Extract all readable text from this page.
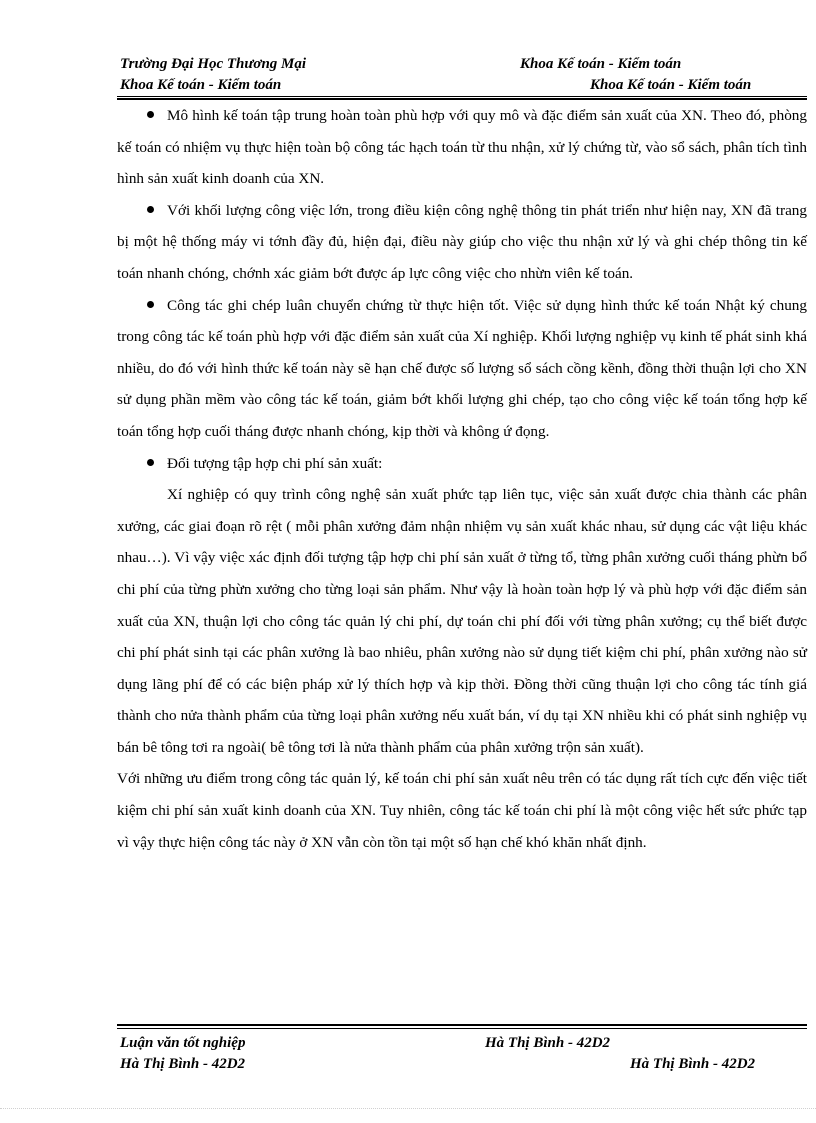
Trường Đại Học Thương Mại	Khoa Kế toán - Kiểm toán
Khoa Kế toán - Kiểm toán	Khoa Kế toán - Kiểm toán

Mô hình kế toán tập trung hoàn toàn phù hợp với quy mô và đặc điểm sản xuất của XN. Theo đó, phòng kế toán có nhiệm vụ thực hiện toàn bộ công tác hạch toán từ thu nhận, xử lý chứng từ, vào sổ sách, phân tích tình hình sản xuất kinh doanh của XN.

Với khối lượng công việc lớn, trong điều kiện công nghệ thông tin phát triển như hiện nay, XN đã trang bị một hệ thống máy vi tớnh đầy đủ, hiện đại, điều này giúp cho việc thu nhận xử lý và ghi chép thông tin kế toán nhanh chóng, chớnh xác giảm bớt được áp lực công việc cho nhừn viên kế toán.

Công tác ghi chép luân chuyển chứng từ thực hiện tốt. Việc sử dụng hình thức kế toán Nhật ký chung trong công tác kế toán phù hợp với đặc điểm sản xuất của Xí nghiệp. Khối lượng nghiệp vụ kinh tế phát sinh khá nhiều, do đó với hình thức kế toán này sẽ hạn chế được số lượng sổ sách cồng kềnh, đồng thời thuận lợi cho XN sử dụng phần mềm vào công tác kế toán, giảm bớt khối lượng ghi chép, tạo cho công việc kế toán tổng hợp kế toán tổng hợp cuối tháng được nhanh chóng, kịp thời và không ứ đọng.

Đối tượng tập hợp chi phí sản xuất:

Xí nghiệp có quy trình công nghệ sản xuất phức tạp liên tục, việc sản xuất được chia thành các phân xưởng, các giai đoạn rõ rệt ( mỗi phân xưởng đảm nhận nhiệm vụ sản xuất khác nhau, sử dụng các vật liệu khác nhau…). Vì vậy việc xác định đối tượng tập hợp chi phí sản xuất ở từng tổ, từng phân xưởng cuối tháng phừn bổ chi phí của từng phừn xưởng cho từng loại sản phẩm. Như vậy là hoàn toàn hợp lý và phù hợp với đặc điểm sản xuất của XN, thuận lợi cho công tác quản lý chi phí, dự toán chi phí đối với từng phân xưởng; cụ thể biết được chi phí phát sinh tại các phân xưởng là bao nhiêu, phân xưởng nào sử dụng tiết kiệm chi phí, phân xưởng nào sử dụng lãng phí để có các biện pháp xử lý thích hợp và kịp thời. Đồng thời cũng thuận lợi cho công tác tính giá thành cho nửa thành phẩm của từng loại phân xưởng nếu xuất bán, ví dụ tại XN nhiều khi có phát sinh nghiệp vụ bán bê tông tơi ra ngoài( bê tông tơi là nửa thành phẩm của phân xưởng trộn sản xuất).

Với những ưu điểm trong công tác quản lý, kế toán chi phí sản xuất nêu trên có tác dụng rất tích cực đến việc tiết kiệm chi phí sản xuất kinh doanh của XN. Tuy nhiên, công tác kế toán chi phí là một công việc hết sức phức tạp vì vậy thực hiện công tác này ở XN vẫn còn tồn tại một số hạn chế khó khăn nhất định.

Luận văn tốt nghiệp	Hà Thị Bình - 42D2
Hà Thị Bình - 42D2	Hà Thị Bình - 42D2
